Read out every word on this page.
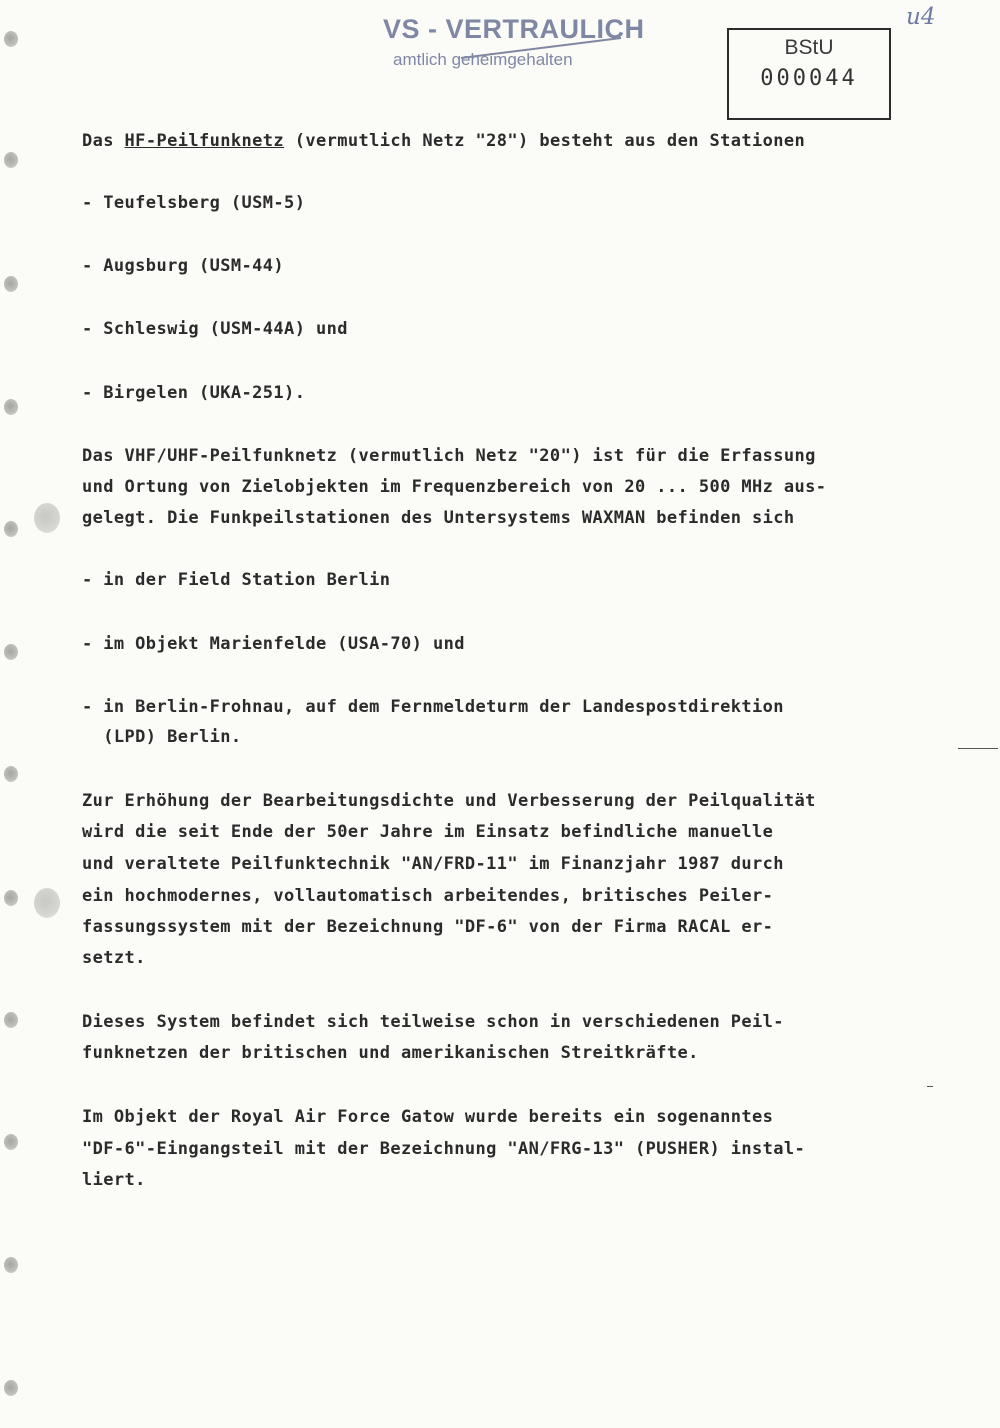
VS - VERTRAULICH
amtlich geheimgehalten
BStU
000044
u4
Das HF-Peilfunknetz (vermutlich Netz "28") besteht aus den Stationen
- Teufelsberg (USM-5)
- Augsburg (USM-44)
- Schleswig (USM-44A) und
- Birgelen (UKA-251).
Das VHF/UHF-Peilfunknetz (vermutlich Netz "20") ist für die Erfassung
und Ortung von Zielobjekten im Frequenzbereich von 20 ... 500 MHz aus-
gelegt. Die Funkpeilstationen des Untersystems WAXMAN befinden sich
- in der Field Station Berlin
- im Objekt Marienfelde (USA-70) und
- in Berlin-Frohnau, auf dem Fernmeldeturm der Landespostdirektion
(LPD) Berlin.
Zur Erhöhung der Bearbeitungsdichte und Verbesserung der Peilqualität
wird die seit Ende der 50er Jahre im Einsatz befindliche manuelle
und veraltete Peilfunktechnik "AN/FRD-11" im Finanzjahr 1987 durch
ein hochmodernes, vollautomatisch arbeitendes, britisches Peiler-
fassungssystem mit der Bezeichnung "DF-6" von der Firma RACAL er-
setzt.
Dieses System befindet sich teilweise schon in verschiedenen Peil-
funknetzen der britischen und amerikanischen Streitkräfte.
Im Objekt der Royal Air Force Gatow wurde bereits ein sogenanntes
"DF-6"-Eingangsteil mit der Bezeichnung "AN/FRG-13" (PUSHER) instal-
liert.
